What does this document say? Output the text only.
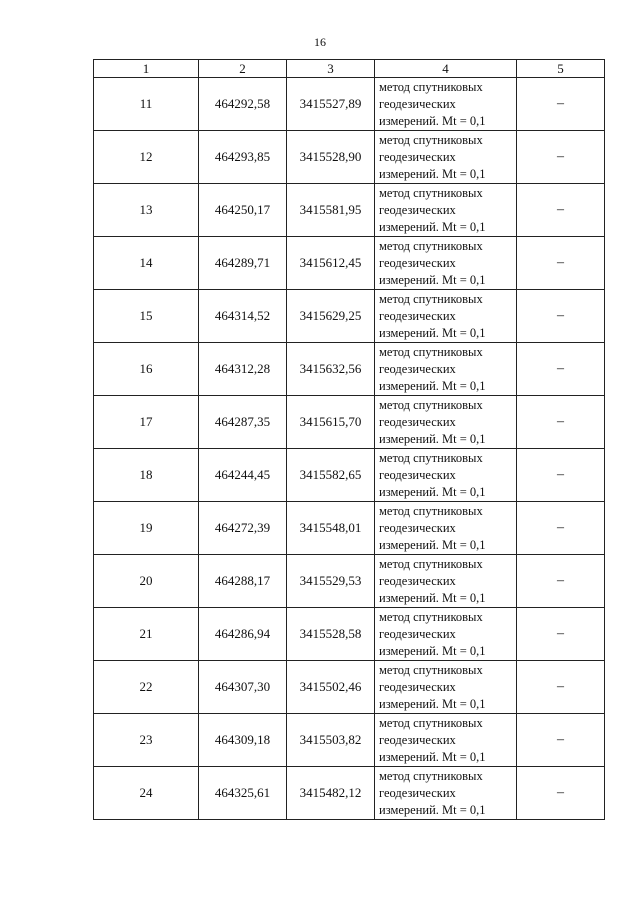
16
1	2	3	4	5
11	464292,58	3415527,89	метод спутниковых
геодезических
измерений. Mt = 0,1	–
12	464293,85	3415528,90	метод спутниковых
геодезических
измерений. Mt = 0,1	–
13	464250,17	3415581,95	метод спутниковых
геодезических
измерений. Mt = 0,1	–
14	464289,71	3415612,45	метод спутниковых
геодезических
измерений. Mt = 0,1	–
15	464314,52	3415629,25	метод спутниковых
геодезических
измерений. Mt = 0,1	–
16	464312,28	3415632,56	метод спутниковых
геодезических
измерений. Mt = 0,1	–
17	464287,35	3415615,70	метод спутниковых
геодезических
измерений. Mt = 0,1	–
18	464244,45	3415582,65	метод спутниковых
геодезических
измерений. Mt = 0,1	–
19	464272,39	3415548,01	метод спутниковых
геодезических
измерений. Mt = 0,1	–
20	464288,17	3415529,53	метод спутниковых
геодезических
измерений. Mt = 0,1	–
21	464286,94	3415528,58	метод спутниковых
геодезических
измерений. Mt = 0,1	–
22	464307,30	3415502,46	метод спутниковых
геодезических
измерений. Mt = 0,1	–
23	464309,18	3415503,82	метод спутниковых
геодезических
измерений. Mt = 0,1	–
24	464325,61	3415482,12	метод спутниковых
геодезических
измерений. Mt = 0,1	–
